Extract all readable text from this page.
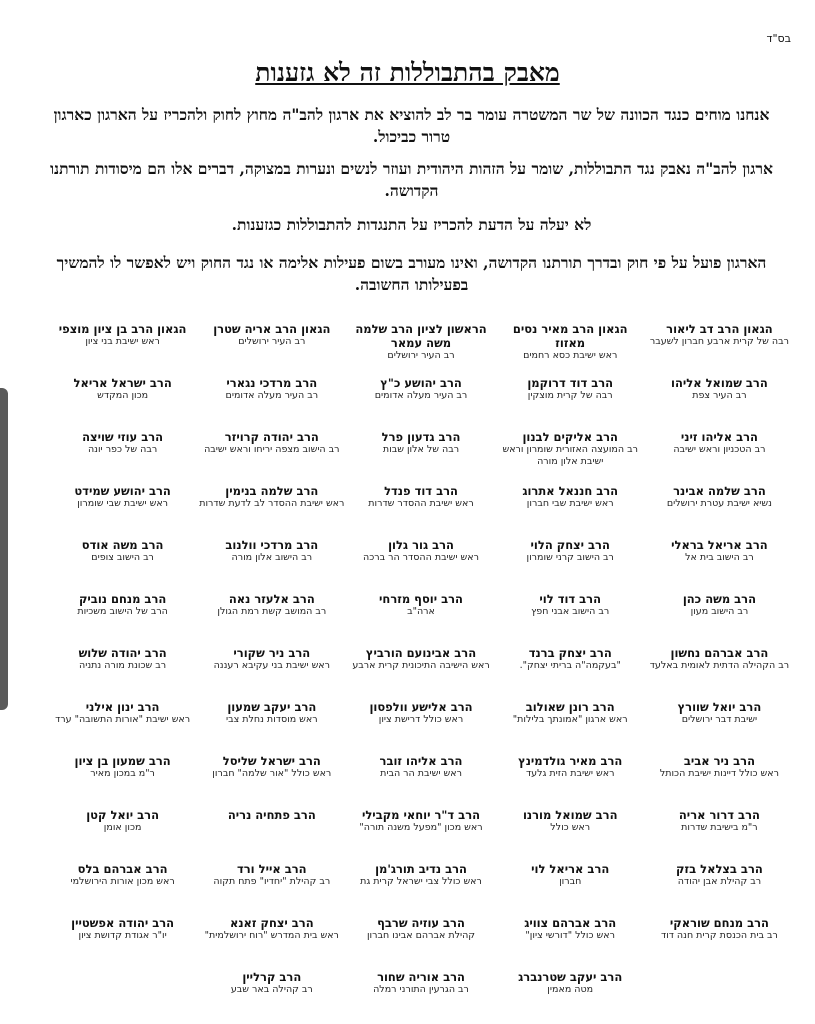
בס"ד
מאבק בהתבוללות זה לא גזענות
אנחנו מוחים כנגד הכוונה של שר המשטרה עומר בר לב להוציא את ארגון להב"ה מחוץ לחוק ולהכריז על הארגון כארגון טרור כביכול.
ארגון להב"ה נאבק נגד התבוללות, שומר על הזהות היהודית ועוזר לנשים ונערות במצוקה, דברים אלו הם מיסודות תורתנו הקדושה.
לא יעלה על הדעת להכריז על התנגדות להתבוללות כגזענות.
הארגון פועל על פי חוק ובדרך תורתנו הקדושה, ואינו מעורב בשום פעילות אלימה או נגד החוק ויש לאפשר לו להמשיך בפעילותו החשובה.
הגאון הרב דב ליאור
רבה של קרית ארבע חברון לשעבר
הגאון הרב מאיר נסים מאזוז
ראש ישיבת כסא רחמים
הראשון לציון הרב שלמה משה עמאר
רב העיר ירושלים
הגאון הרב אריה שטרן
רב העיר ירושלים
הגאון הרב בן ציון מוצפי
ראש ישיבת בני ציון
הרב שמואל אליהו
רב העיר צפת
הרב דוד דרוקמן
רבה של קרית מוצקין
הרב יהושע כ"ץ
רב העיר מעלה אדומים
הרב מרדכי נגארי
רב העיר מעלה אדומים
הרב ישראל אריאל
מכון המקדש
הרב אליהו זיני
רב הטכניון וראש ישיבה
הרב אליקים לבנון
רב המועצה האזורית שומרון וראש ישיבת אלון מורה
הרב גדעון פרל
רבה של אלון שבות
הרב יהודה קרויזר
רב הישוב מצפה יריחו וראש ישיבה
הרב עוזי שויצה
רבה של כפר יונה
הרב שלמה אבינר
נשיא ישיבת עטרת ירושלים
הרב חננאל אתרוג
ראש ישיבת שבי חברון
הרב דוד פנדל
ראש ישיבת ההסדר שדרות
הרב שלמה בנימין
ראש ישיבת ההסדר לב לדעת שדרות
הרב יהושע שמידט
ראש ישיבת שבי שומרון
הרב אריאל בראלי
רב הישוב בית אל
הרב יצחק הלוי
רב הישוב קרני שומרון
הרב גור גלון
ראש ישיבת ההסדר הר ברכה
הרב מרדכי וולנוב
רב הישוב אלון מורה
הרב משה אודס
רב הישוב צופים
הרב משה כהן
רב הישוב מעון
הרב דוד לוי
רב הישוב אבני חפץ
הרב יוסף מזרחי
ארה"ב
הרב אלעזר נאה
רב המושב קשת רמת הגולן
הרב מנחם נוביק
הרב של הישוב משכיות
הרב אברהם נחשון
רב הקהילה הדתית לאומית באלעד
הרב יצחק ברנד
"בעקמה"ה בריתי יצחק".
הרב אבינועם הורביץ
ראש הישיבה התיכונית קרית ארבע
הרב ניר שקורי
ראש ישיבת בני עקיבא רעננה
הרב יהודה שלוש
רב שכונת מורה נתניה
הרב יואל שוורץ
ישיבת דבר ירושלים
הרב רונן שאולוב
ראש ארגון "אמונתך בלילות"
הרב אלישע וולפסון
ראש כולל דרישת ציון
הרב יעקב שמעון
ראש מוסדות נחלת צבי
הרב ינון אילני
ראש ישיבת "אורות התשובה" ערד
הרב ניר אביב
ראש כולל דיינות ישיבת הכותל
הרב מאיר גולדמינץ
ראש ישיבת הזית גלעד
הרב אליהו זובר
ראש ישיבת הר הבית
הרב ישראל שליסל
ראש כולל "אור שלמה" חברון
הרב שמעון בן ציון
ר"מ במכון מאיר
הרב דרור אריה
ר"מ בישיבת שדרות
הרב שמואל מורנו
ראש כולל
הרב ד"ר יוחאי מקבילי
ראש מכון "מפעל משנה תורה"
הרב פתחיה נריה
הרב יואל קטן
מכון אומן
הרב בצלאל בזק
רב קהילת אבן יהודה
הרב אריאל לוי
חברון
הרב נדיב תורג'מן
ראש כולל צבי ישראל קרית גת
הרב אייל ורד
רב קהילת "יחדיו" פתח תקוה
הרב אברהם בלס
ראש מכון אורות הירושלמי
הרב מנחם שוראקי
רב בית הכנסת קרית חנה דוד
הרב אברהם צוויג
ראש כולל "דורשי ציון"
הרב עוזיה שרבף
קהילת אברהם אבינו חברון
הרב יצחק זאנא
ראש בית המדרש "רוח ירושלמית"
הרב יהודה אפשטיין
יו"ר אגודת קדושת ציון
הרב יעקב שטרנברג
מטה מאמין
הרב אוריה שחור
רב הגרעין התורני רמלה
הרב קרליין
רב קהילה באר שבע
